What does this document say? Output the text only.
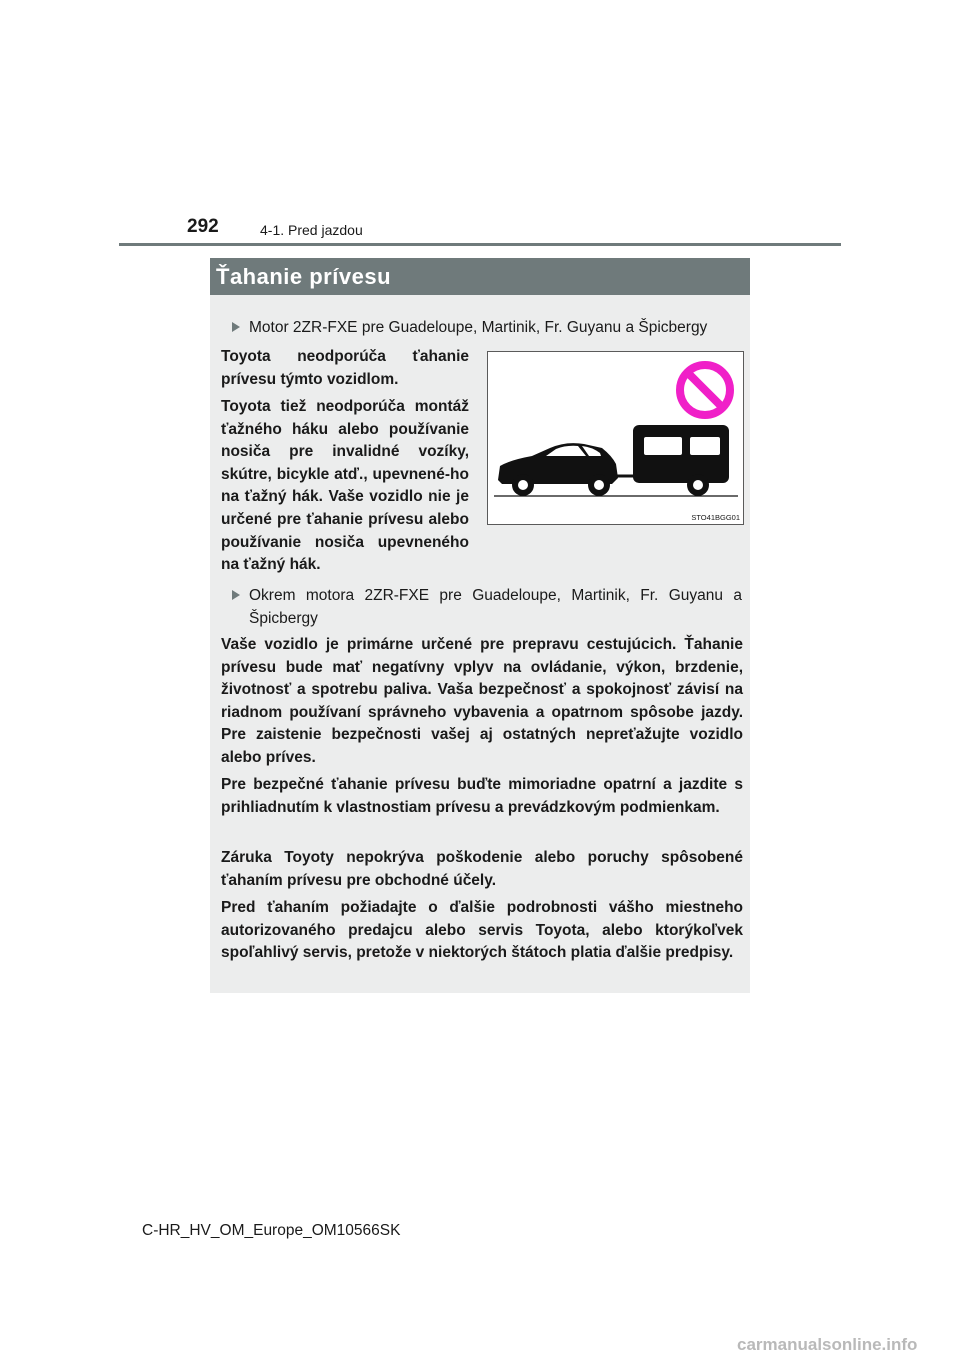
292	4-1. Pred jazdou
Ťahanie prívesu
Motor 2ZR-FXE pre Guadeloupe, Martinik, Fr. Guyanu a Špicbergy

Toyota neodporúča ťahanie prívesu týmto vozidlom.

Toyota tiež neodporúča montáž ťažného háku alebo používanie nosiča pre invalidné vozíky, skútre, bicykle atď., upevnené-ho na ťažný hák. Vaše vozidlo nie je určené pre ťahanie prívesu alebo používanie nosiča upevneného na ťažný hák.

STO41BGG01
Okrem motora 2ZR-FXE pre Guadeloupe, Martinik, Fr. Guyanu a Špicbergy

Vaše vozidlo je primárne určené pre prepravu cestujúcich. Ťahanie prívesu bude mať negatívny vplyv na ovládanie, výkon, brzdenie, životnosť a spotrebu paliva. Vaša bezpečnosť a spokojnosť závisí na riadnom používaní správneho vybavenia a opatrnom spôsobe jazdy. Pre zaistenie bezpečnosti vašej aj ostatných nepreťažujte vozidlo alebo príves.

Pre bezpečné ťahanie prívesu buďte mimoriadne opatrní a jazdite s prihliadnutím k vlastnostiam prívesu a prevádzkovým podmienkam.

Záruka Toyoty nepokrýva poškodenie alebo poruchy spôsobené ťahaním prívesu pre obchodné účely.

Pred ťahaním požiadajte o ďalšie podrobnosti vášho miestneho autorizovaného predajcu alebo servis Toyota, alebo ktorýkoľvek spoľahlivý servis, pretože v niektorých štátoch platia ďalšie predpisy.

C-HR_HV_OM_Europe_OM10566SK
carmanualsonline.info
